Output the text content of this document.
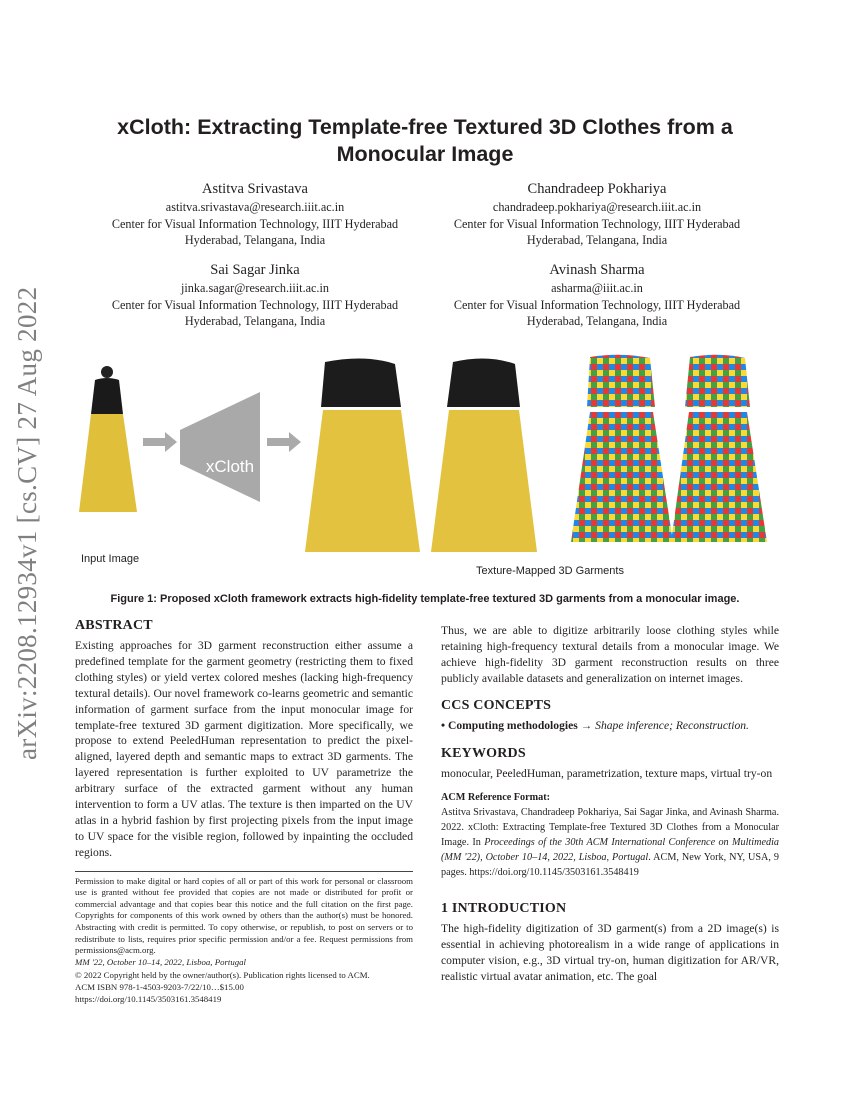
arXiv:2208.12934v1 [cs.CV] 27 Aug 2022
xCloth: Extracting Template-free Textured 3D Clothes from a Monocular Image
Astitva Srivastava
astitva.srivastava@research.iiit.ac.in
Center for Visual Information Technology, IIIT Hyderabad
Hyderabad, Telangana, India
Chandradeep Pokhariya
chandradeep.pokhariya@research.iiit.ac.in
Center for Visual Information Technology, IIIT Hyderabad
Hyderabad, Telangana, India
Sai Sagar Jinka
jinka.sagar@research.iiit.ac.in
Center for Visual Information Technology, IIIT Hyderabad
Hyderabad, Telangana, India
Avinash Sharma
asharma@iiit.ac.in
Center for Visual Information Technology, IIIT Hyderabad
Hyderabad, Telangana, India
Input Image
xCloth
Texture-Mapped 3D Garments
Figure 1: Proposed xCloth framework extracts high-fidelity template-free textured 3D garments from a monocular image.
ABSTRACT

Existing approaches for 3D garment reconstruction either assume a predefined template for the garment geometry (restricting them to fixed clothing styles) or yield vertex colored meshes (lacking high-frequency textural details). Our novel framework co-learns geometric and semantic information of garment surface from the input monocular image for template-free textured 3D garment digitization. More specifically, we propose to extend PeeledHuman representation to predict the pixel-aligned, layered depth and semantic maps to extract 3D garments. The layered representation is further exploited to UV parametrize the arbitrary surface of the extracted garment without any human intervention to form a UV atlas. The texture is then imparted on the UV atlas in a hybrid fashion by first projecting pixels from the input image to UV space for the visible region, followed by inpainting the occluded regions.

Permission to make digital or hard copies of all or part of this work for personal or classroom use is granted without fee provided that copies are not made or distributed for profit or commercial advantage and that copies bear this notice and the full citation on the first page. Copyrights for components of this work owned by others than the author(s) must be honored. Abstracting with credit is permitted. To copy otherwise, or republish, to post on servers or to redistribute to lists, requires prior specific permission and/or a fee. Request permissions from permissions@acm.org.

MM '22, October 10–14, 2022, Lisboa, Portugal

© 2022 Copyright held by the owner/author(s). Publication rights licensed to ACM.

ACM ISBN 978-1-4503-9203-7/22/10…$15.00

https://doi.org/10.1145/3503161.3548419

Thus, we are able to digitize arbitrarily loose clothing styles while retaining high-frequency textural details from a monocular image. We achieve high-fidelity 3D garment reconstruction results on three publicly available datasets and generalization on internet images.

CCS CONCEPTS

• Computing methodologies → Shape inference; Reconstruction.

KEYWORDS

monocular, PeeledHuman, parametrization, texture maps, virtual try-on

ACM Reference Format:

Astitva Srivastava, Chandradeep Pokhariya, Sai Sagar Jinka, and Avinash Sharma. 2022. xCloth: Extracting Template-free Textured 3D Clothes from a Monocular Image. In Proceedings of the 30th ACM International Conference on Multimedia (MM '22), October 10–14, 2022, Lisboa, Portugal. ACM, New York, NY, USA, 9 pages. https://doi.org/10.1145/3503161.3548419

1 INTRODUCTION

The high-fidelity digitization of 3D garment(s) from a 2D image(s) is essential in achieving photorealism in a wide range of applications in computer vision, e.g., 3D virtual try-on, human digitization for AR/VR, realistic virtual avatar animation, etc. The goal
